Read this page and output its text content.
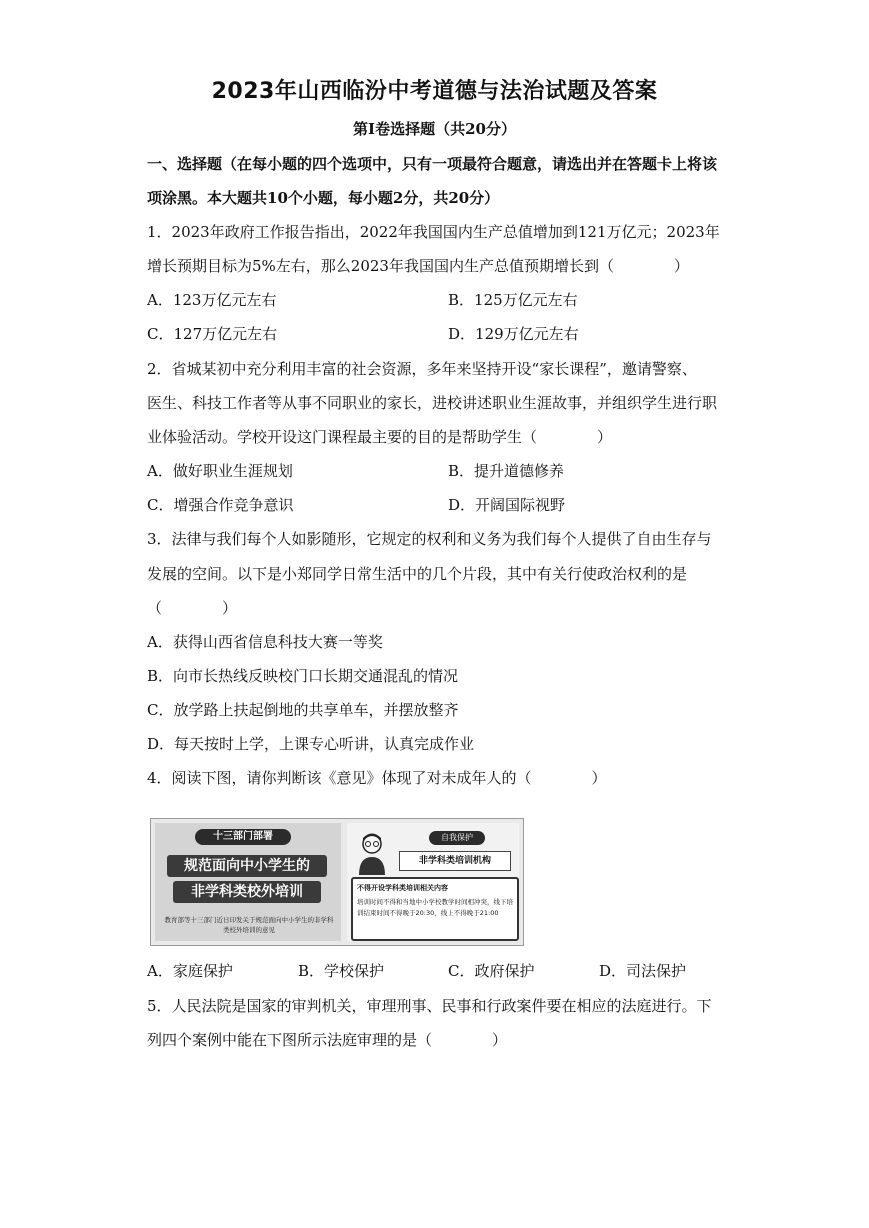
2023年山西临汾中考道德与法治试题及答案
第Ⅰ卷选择题（共20分）
一、选择题（在每小题的四个选项中，只有一项最符合题意，请选出并在答题卡上将该
项涂黑。本大题共10个小题，每小题2分，共20分）
1．2023年政府工作报告指出，2022年我国国内生产总值增加到121万亿元；2023年
增长预期目标为5%左右，那么2023年我国国内生产总值预期增长到（　　　　）
A．123万亿元左右	B．125万亿元左右
C．127万亿元左右	D．129万亿元左右
2．省城某初中充分利用丰富的社会资源，多年来坚持开设“家长课程”，邀请警察、
医生、科技工作者等从事不同职业的家长，进校讲述职业生涯故事，并组织学生进行职
业体验活动。学校开设这门课程最主要的目的是帮助学生（　　　　）
A．做好职业生涯规划	B．提升道德修养
C．增强合作竞争意识	D．开阔国际视野
3．法律与我们每个人如影随形，它规定的权利和义务为我们每个人提供了自由生存与
发展的空间。以下是小郑同学日常生活中的几个片段，其中有关行使政治权利的是
（　　　　）
A．获得山西省信息科技大赛一等奖
B．向市长热线反映校门口长期交通混乱的情况
C．放学路上扶起倒地的共享单车，并摆放整齐
D．每天按时上学，上课专心听讲，认真完成作业
4．阅读下图，请你判断该《意见》体现了对未成年人的（　　　　）
十三部门部署
规范面向中小学生的
非学科类校外培训
教育部等十三部门近日印发关于规范面向中小学生的非学科类校外培训的意见
自我保护
非学科类培训机构
不得开设学科类培训相关内容
培训时间不得和当地中小学校教学时间相冲突，线下培训结束时间不得晚于20:30，线上不得晚于21:00
A．家庭保护	B．学校保护	C．政府保护	D．司法保护
5．人民法院是国家的审判机关，审理刑事、民事和行政案件要在相应的法庭进行。下
列四个案例中能在下图所示法庭审理的是（　　　　）
